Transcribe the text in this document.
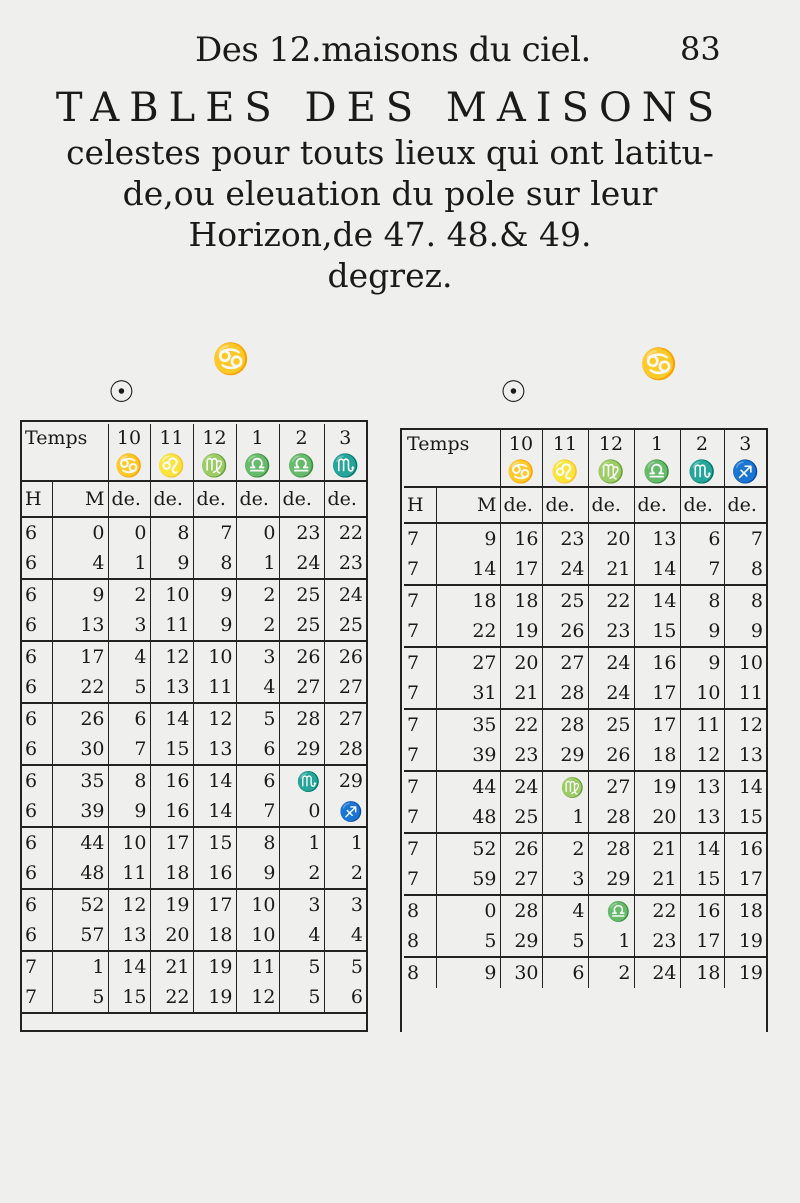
Des 12.maisons du ciel.	83
TABLES DES MAISONS
celestes pour touts lieux qui ont latitu-
de,ou eleuation du pole sur leur
Horizon,de 47. 48.& 49.
degrez.
☉
♋
☉
♋
Temps		10	11	12	1	2	3
		♋	♌	♍	♎	♎	♏
H	M	de.	de.	de.	de.	de.	de.
6	0	0	8	7	0	23	22
6	4	1	9	8	1	24	23
6	9	2	10	9	2	25	24
6	13	3	11	9	2	25	25
6	17	4	12	10	3	26	26
6	22	5	13	11	4	27	27
6	26	6	14	12	5	28	27
6	30	7	15	13	6	29	28
6	35	8	16	14	6	♏	29
6	39	9	16	14	7	0	♐
6	44	10	17	15	8	1	1
6	48	11	18	16	9	2	2
6	52	12	19	17	10	3	3
6	57	13	20	18	10	4	4
7	1	14	21	19	11	5	5
7	5	15	22	19	12	5	6
Temps		10	11	12	1	2	3
		♋	♌	♍	♎	♏	♐
H	M	de.	de.	de.	de.	de.	de.
7	9	16	23	20	13	6	7
7	14	17	24	21	14	7	8
7	18	18	25	22	14	8	8
7	22	19	26	23	15	9	9
7	27	20	27	24	16	9	10
7	31	21	28	24	17	10	11
7	35	22	28	25	17	11	12
7	39	23	29	26	18	12	13
7	44	24	♍	27	19	13	14
7	48	25	1	28	20	13	15
7	52	26	2	28	21	14	16
7	59	27	3	29	21	15	17
8	0	28	4	♎	22	16	18
8	5	29	5	1	23	17	19
8	9	30	6	2	24	18	19
